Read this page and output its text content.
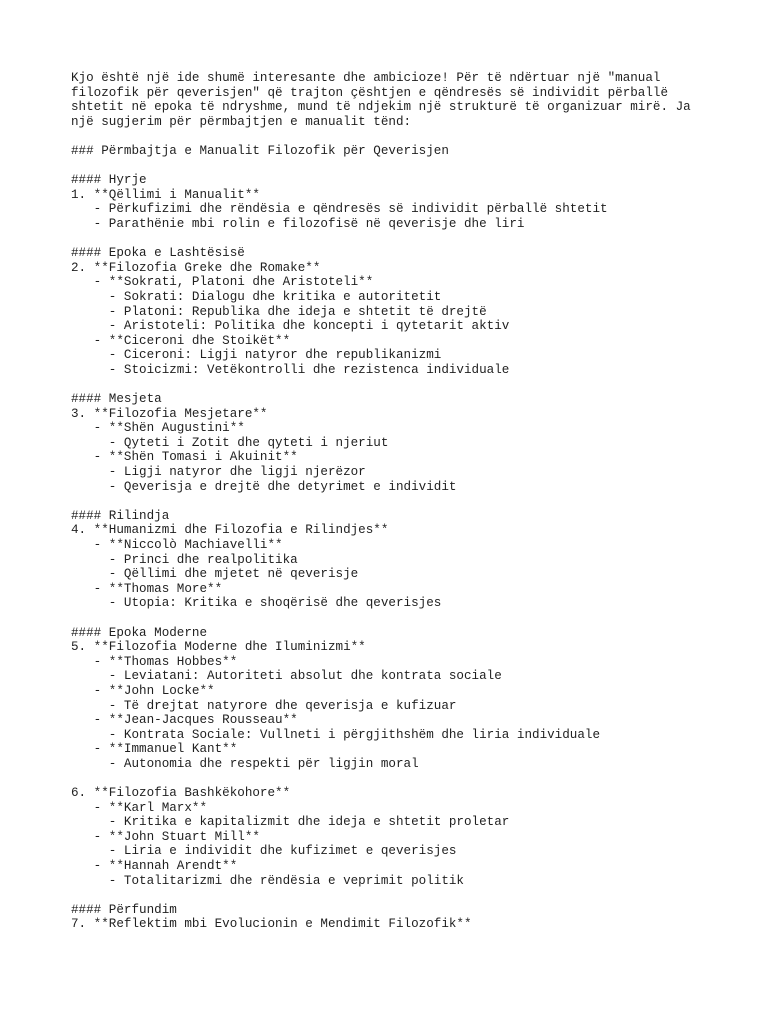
Kjo është një ide shumë interesante dhe ambicioze! Për të ndërtuar një "manual
filozofik për qeverisjen" që trajton çështjen e qëndresës së individit përballë
shtetit në epoka të ndryshme, mund të ndjekim një strukturë të organizuar mirë. Ja
një sugjerim për përmbajtjen e manualit tënd:
### Përmbajtja e Manualit Filozofik për Qeverisjen
#### Hyrje
1. **Qëllimi i Manualit**
- Përkufizimi dhe rëndësia e qëndresës së individit përballë shtetit
- Parathënie mbi rolin e filozofisë në qeverisje dhe liri
#### Epoka e Lashtësisë
2. **Filozofia Greke dhe Romake**
- **Sokrati, Platoni dhe Aristoteli**
- Sokrati: Dialogu dhe kritika e autoritetit
- Platoni: Republika dhe ideja e shtetit të drejtë
- Aristoteli: Politika dhe koncepti i qytetarit aktiv
- **Ciceroni dhe Stoikët**
- Ciceroni: Ligji natyror dhe republikanizmi
- Stoicizmi: Vetëkontrolli dhe rezistenca individuale
#### Mesjeta
3. **Filozofia Mesjetare**
- **Shën Augustini**
- Qyteti i Zotit dhe qyteti i njeriut
- **Shën Tomasi i Akuinit**
- Ligji natyror dhe ligji njerëzor
- Qeverisja e drejtë dhe detyrimet e individit
#### Rilindja
4. **Humanizmi dhe Filozofia e Rilindjes**
- **Niccolò Machiavelli**
- Princi dhe realpolitika
- Qëllimi dhe mjetet në qeverisje
- **Thomas More**
- Utopia: Kritika e shoqërisë dhe qeverisjes
#### Epoka Moderne
5. **Filozofia Moderne dhe Iluminizmi**
- **Thomas Hobbes**
- Leviatani: Autoriteti absolut dhe kontrata sociale
- **John Locke**
- Të drejtat natyrore dhe qeverisja e kufizuar
- **Jean-Jacques Rousseau**
- Kontrata Sociale: Vullneti i përgjithshëm dhe liria individuale
- **Immanuel Kant**
- Autonomia dhe respekti për ligjin moral
6. **Filozofia Bashkëkohore**
- **Karl Marx**
- Kritika e kapitalizmit dhe ideja e shtetit proletar
- **John Stuart Mill**
- Liria e individit dhe kufizimet e qeverisjes
- **Hannah Arendt**
- Totalitarizmi dhe rëndësia e veprimit politik
#### Përfundim
7. **Reflektim mbi Evolucionin e Mendimit Filozofik**
